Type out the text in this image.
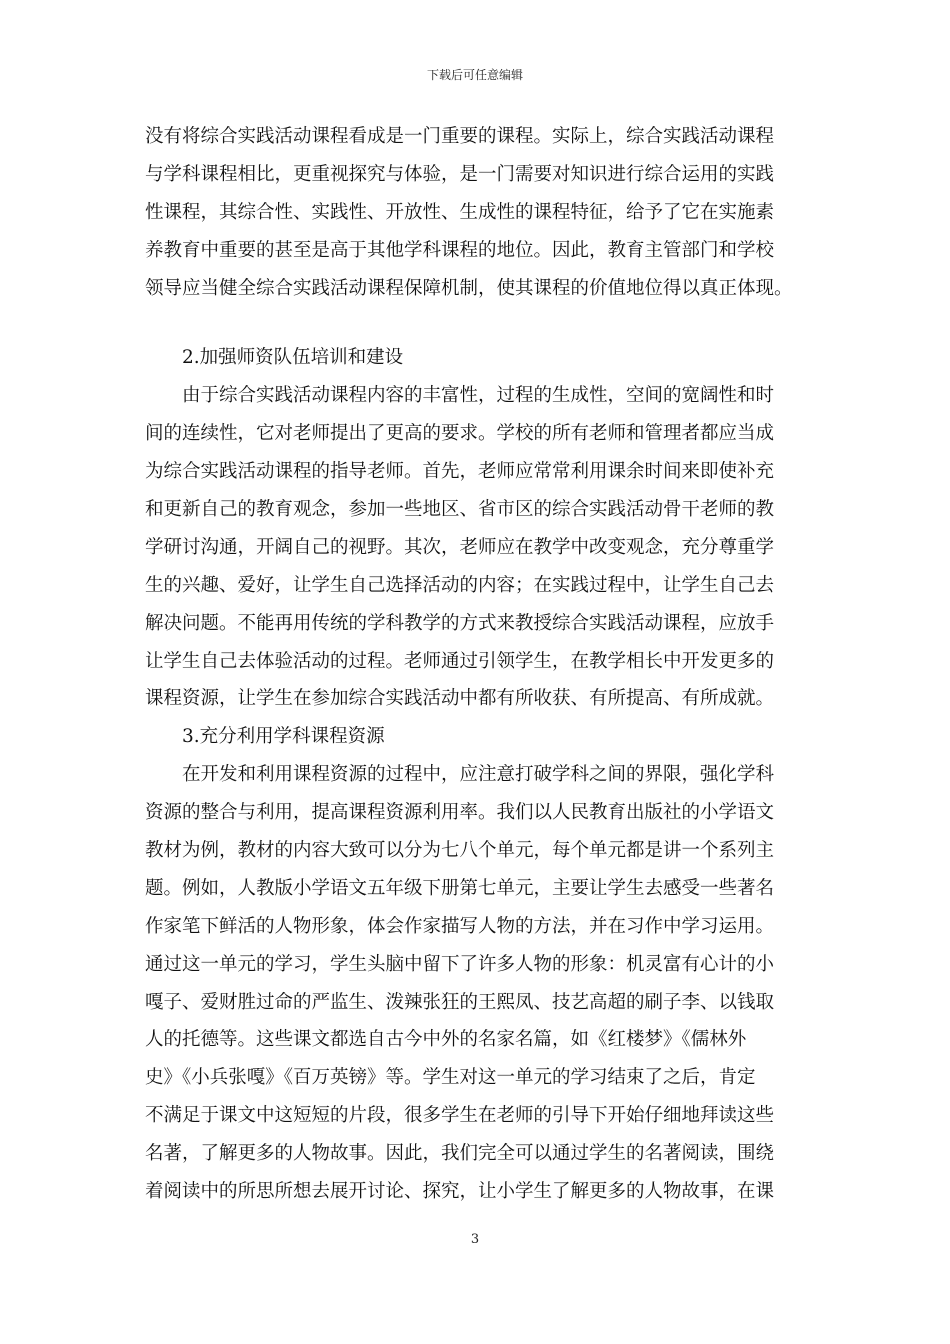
下载后可任意编辑
没有将综合实践活动课程看成是一门重要的课程。实际上，综合实践活动课程
与学科课程相比，更重视探究与体验，是一门需要对知识进行综合运用的实践
性课程，其综合性、实践性、开放性、生成性的课程特征，给予了它在实施素
养教育中重要的甚至是高于其他学科课程的地位。因此，教育主管部门和学校
领导应当健全综合实践活动课程保障机制，使其课程的价值地位得以真正体现。
　　2.加强师资队伍培训和建设
　　由于综合实践活动课程内容的丰富性，过程的生成性，空间的宽阔性和时
间的连续性，它对老师提出了更高的要求。学校的所有老师和管理者都应当成
为综合实践活动课程的指导老师。首先，老师应常常利用课余时间来即使补充
和更新自己的教育观念，参加一些地区、省市区的综合实践活动骨干老师的教
学研讨沟通，开阔自己的视野。其次，老师应在教学中改变观念，充分尊重学
生的兴趣、爱好，让学生自己选择活动的内容；在实践过程中，让学生自己去
解决问题。不能再用传统的学科教学的方式来教授综合实践活动课程，应放手
让学生自己去体验活动的过程。老师通过引领学生，在教学相长中开发更多的
课程资源，让学生在参加综合实践活动中都有所收获、有所提高、有所成就。
　　3.充分利用学科课程资源
　　在开发和利用课程资源的过程中，应注意打破学科之间的界限，强化学科
资源的整合与利用，提高课程资源利用率。我们以人民教育出版社的小学语文
教材为例，教材的内容大致可以分为七八个单元，每个单元都是讲一个系列主
题。例如，人教版小学语文五年级下册第七单元，主要让学生去感受一些著名
作家笔下鲜活的人物形象，体会作家描写人物的方法，并在习作中学习运用。
通过这一单元的学习，学生头脑中留下了许多人物的形象：机灵富有心计的小
嘎子、爱财胜过命的严监生、泼辣张狂的王熙凤、技艺高超的刷子李、以钱取
人的托德等。这些课文都选自古今中外的名家名篇，如《红楼梦》《儒林外
史》《小兵张嘎》《百万英镑》等。学生对这一单元的学习结束了之后，肯定
不满足于课文中这短短的片段，很多学生在老师的引导下开始仔细地拜读这些
名著，了解更多的人物故事。因此，我们完全可以通过学生的名著阅读，围绕
着阅读中的所思所想去展开讨论、探究，让小学生了解更多的人物故事，在课
3
